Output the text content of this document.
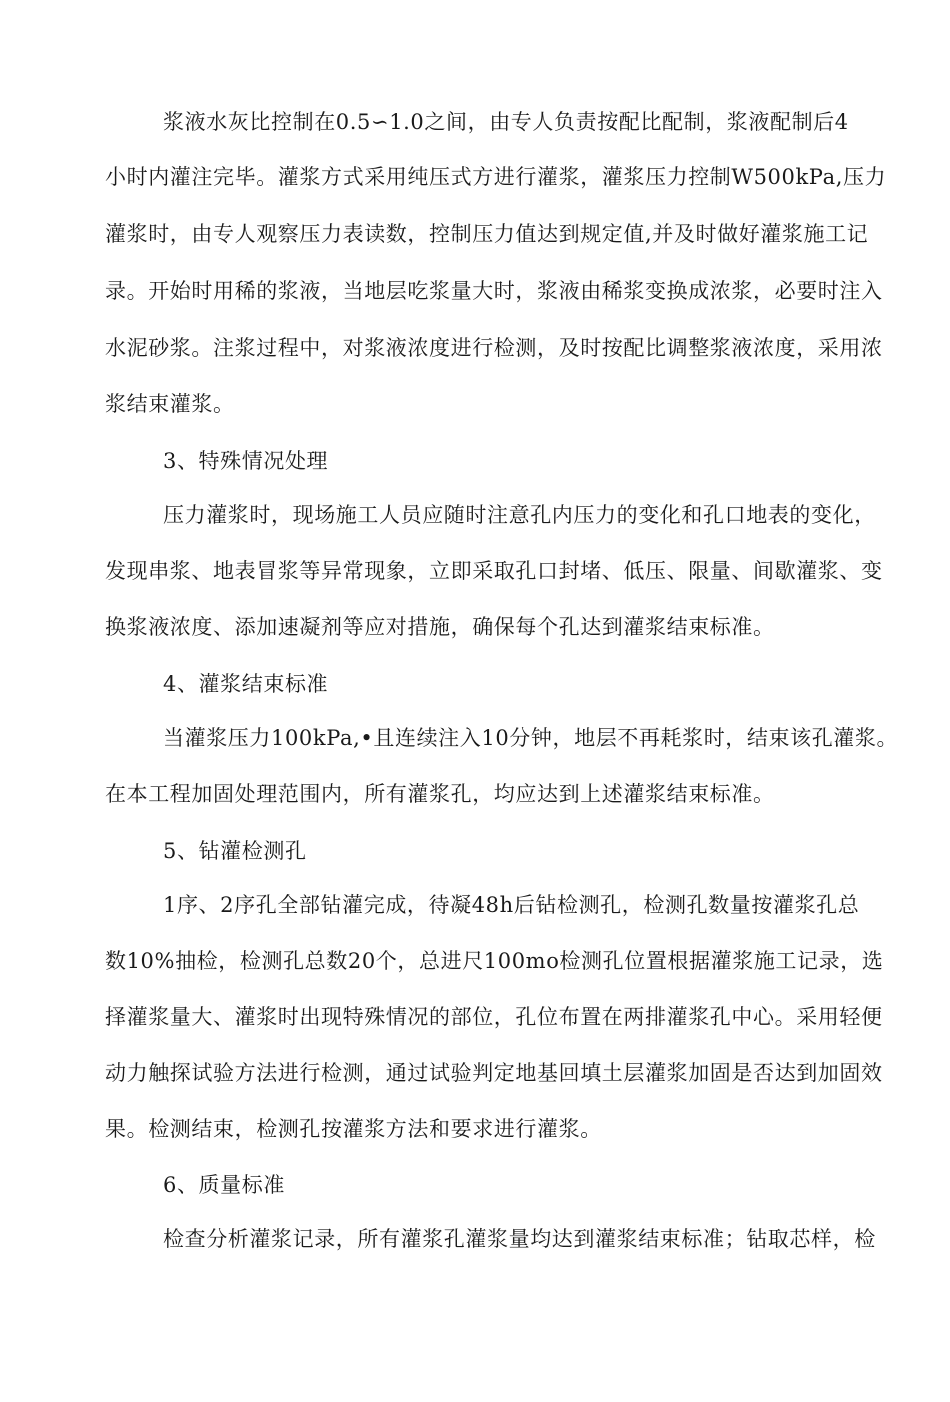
浆液水灰比控制在0.5∽1.0之间，由专人负责按配比配制，浆液配制后4
小时内灌注完毕。灌浆方式采用纯压式方进行灌浆，灌浆压力控制W500kPa,压力
灌浆时，由专人观察压力表读数，控制压力值达到规定值,并及时做好灌浆施工记
录。开始时用稀的浆液，当地层吃浆量大时，浆液由稀浆变换成浓浆，必要时注入
水泥砂浆。注浆过程中，对浆液浓度进行检测，及时按配比调整浆液浓度，采用浓
浆结束灌浆。
3、特殊情况处理
压力灌浆时，现场施工人员应随时注意孔内压力的变化和孔口地表的变化，
发现串浆、地表冒浆等异常现象，立即采取孔口封堵、低压、限量、间歇灌浆、变
换浆液浓度、添加速凝剂等应对措施，确保每个孔达到灌浆结束标准。
4、灌浆结束标准
当灌浆压力100kPa,•且连续注入10分钟，地层不再耗浆时，结束该孔灌浆。
在本工程加固处理范围内，所有灌浆孔，均应达到上述灌浆结束标准。
5、钻灌检测孔
1序、2序孔全部钻灌完成，待凝48h后钻检测孔，检测孔数量按灌浆孔总
数10%抽检，检测孔总数20个，总进尺100mo检测孔位置根据灌浆施工记录，选
择灌浆量大、灌浆时出现特殊情况的部位，孔位布置在两排灌浆孔中心。采用轻便
动力触探试验方法进行检测，通过试验判定地基回填土层灌浆加固是否达到加固效
果。检测结束，检测孔按灌浆方法和要求进行灌浆。
6、质量标准
检查分析灌浆记录，所有灌浆孔灌浆量均达到灌浆结束标准；钻取芯样，检
